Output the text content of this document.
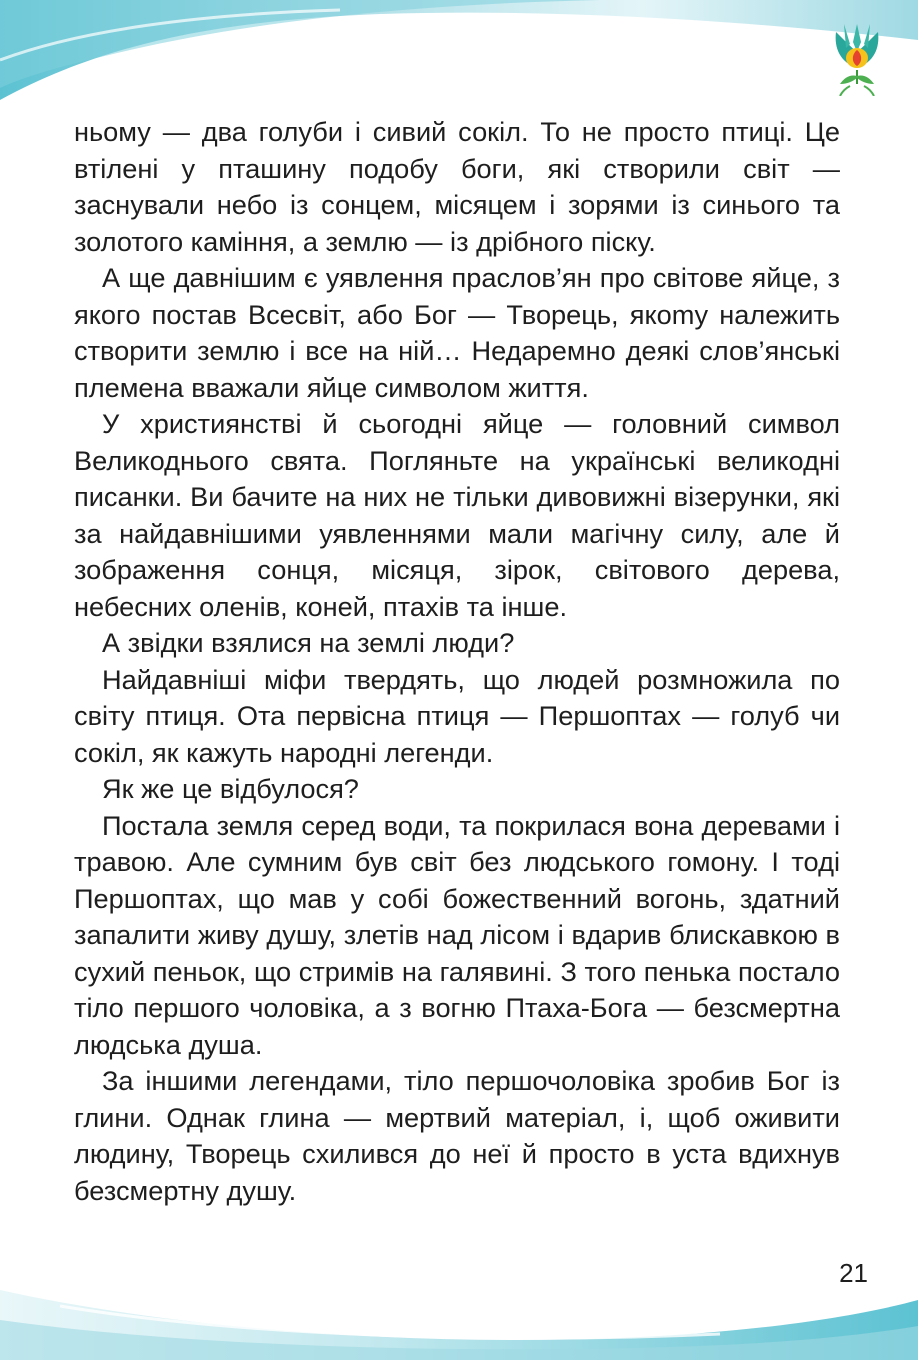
ньому — два голуби і сивий сокіл. То не просто птиці. Це втілені у пташину подобу боги, які створили світ — заснували небо із сонцем, місяцем і зорями із синього та золотого каміння, а землю — із дрібного піску.

А ще давнішим є уявлення праслов’ян про світове яйце, з якого постав Всесвіт, або Бог — Творець, якоmу належить створити землю і все на ній… Недаремно деякі слов’янські племена вважали яйце символом життя.

У християнстві й сьогодні яйце — головний символ Великоднього свята. Погляньте на українські великодні писанки. Ви бачите на них не тільки дивовижні візерунки, які за найдавнішими уявленнями мали магічну силу, але й зображення сонця, місяця, зірок, світового дерева, небесних оленів, коней, птахів та інше.

А звідки взялися на землі люди?

Найдавніші міфи твердять, що людей розмножила по світу птиця. Ота первісна птиця — Першоптах — голуб чи сокіл, як кажуть народні легенди.

Як же це відбулося?

Постала земля серед води, та покрилася вона деревами і травою. Але сумним був світ без людського гомону. І тоді Першоптах, що мав у собі божественний вогонь, здатний запалити живу душу, злетів над лісом і вдарив блискавкою в сухий пеньок, що стримів на галявині. З того пенька постало тіло першого чоловіка, а з вогню Птаха-Бога — безсмертна людська душа.

За іншими легендами, тіло першочоловіка зробив Бог із глини. Однак глина — мертвий матеріал, і, щоб оживити людину, Творець схилився до неї й просто в уста вдихнув безсмертну душу.

21
